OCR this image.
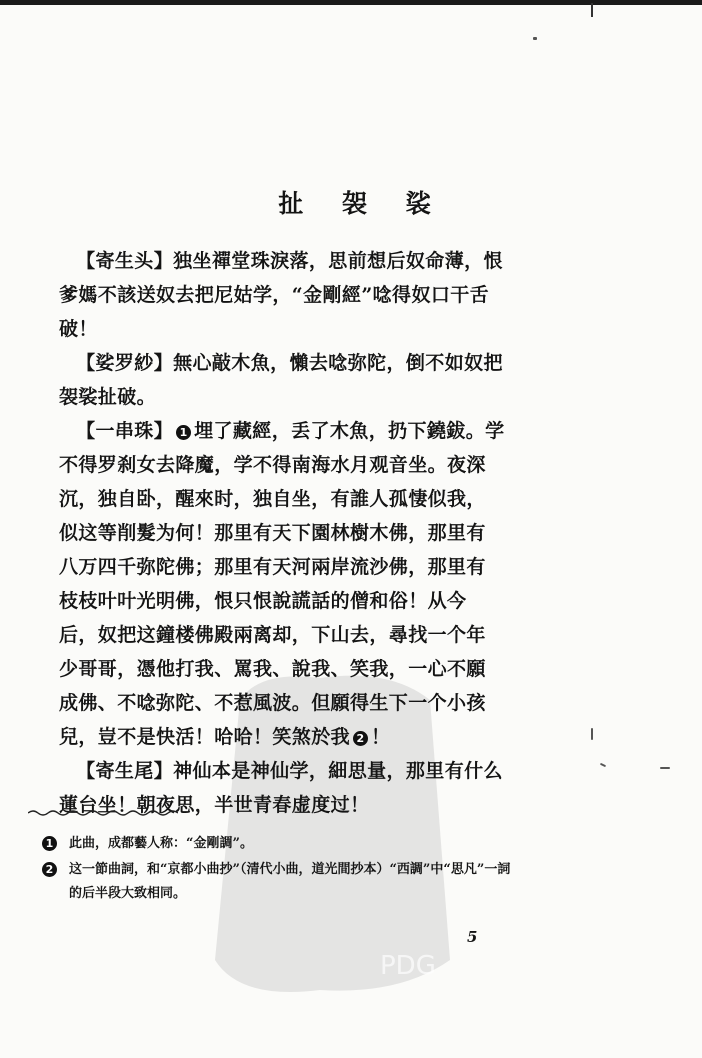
PDG
扯 袈 裟

【寄生头】独坐禪堂珠淚落，思前想后奴命薄，恨爹媽不該送奴去把尼姑学，“金剛經”唸得奴口干舌破！

【娑罗紗】無心敲木魚，懶去唸弥陀，倒不如奴把袈裟扯破。

【一串珠】 1 埋了藏經，丢了木魚，扔下鐃鈸。学不得罗刹女去降魔，学不得南海水月观音坐。夜深沉，独自卧，醒來时，独自坐，有誰人孤悽似我，似这等削髮为何！那里有天下園林樹木佛，那里有八万四千弥陀佛；那里有天河兩岸流沙佛，那里有枝枝叶叶光明佛，恨只恨說謊話的僧和俗！从今后，奴把这鐘楼佛殿兩离却，下山去，尋找一个年少哥哥，憑他打我、罵我、說我、笑我，一心不願成佛、不唸弥陀、不惹風波。但願得生下一个小孩兒，豈不是快活！哈哈！笑煞於我 2 ！

【寄生尾】神仙本是神仙学，細思量，那里有什么蓮台坐！朝夜思，半世青春虚度过！

1 此曲，成都藝人称：“金剛調”。
2 这一節曲詞，和“京都小曲抄”（清代小曲，道光間抄本）“西調”中“思凡”一詞的后半段大致相同。
5
